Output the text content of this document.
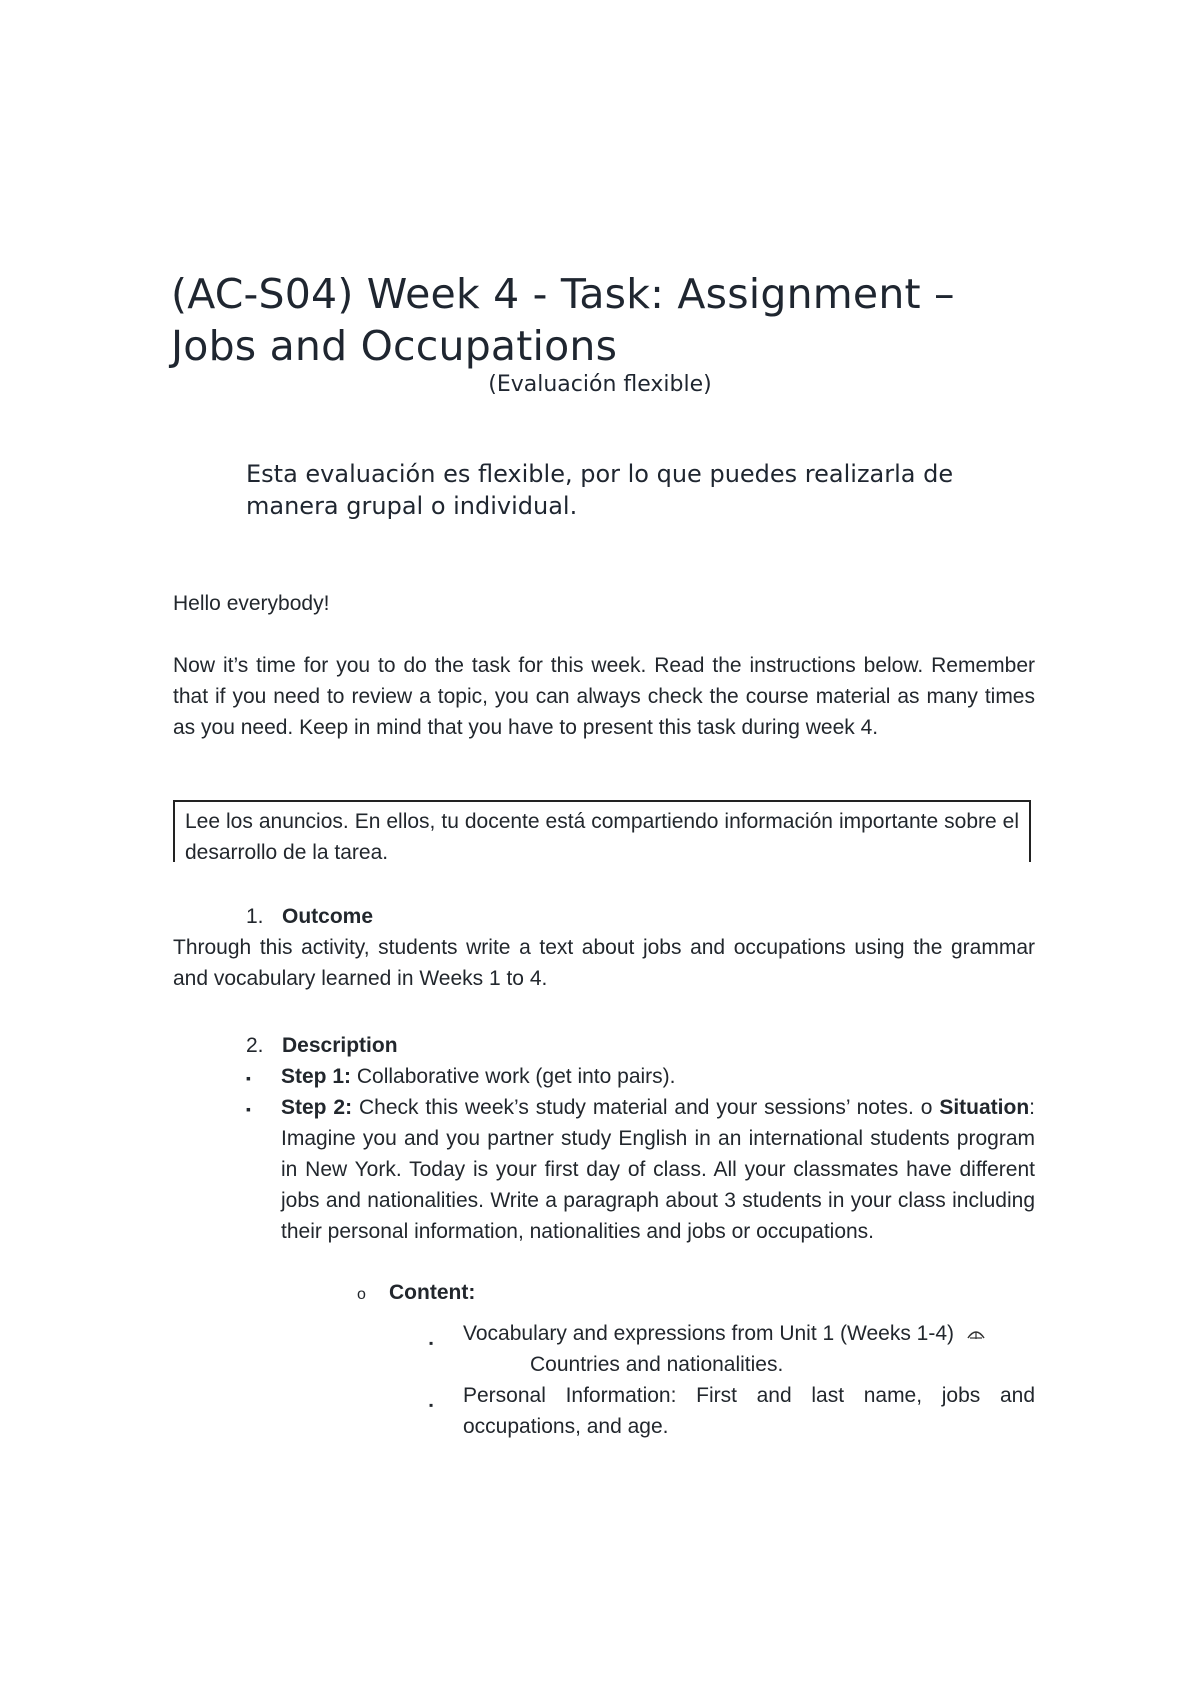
(AC-S04) Week 4 - Task: Assignment – Jobs and Occupations
(Evaluación flexible)

Esta evaluación es flexible, por lo que puedes realizarla de manera grupal o individual.

Hello everybody!

Now it’s time for you to do the task for this week. Read the instructions below. Remember that if you need to review a topic, you can always check the course material as many times as you need. Keep in mind that you have to present this task during week 4.

Lee los anuncios. En ellos, tu docente está compartiendo información importante sobre el desarrollo de la tarea.
1. Outcome

Through this activity, students write a text about jobs and occupations using the grammar and vocabulary learned in Weeks 1 to 4.

2. Description
▪ Step 1: Collaborative work (get into pairs).

▪ Step 2: Check this week’s study material and your sessions’ notes. o Situation: Imagine you and you partner study English in an international students program in New York. Today is your first day of class. All your classmates have different jobs and nationalities. Write a paragraph about 3 students in your class including their personal information, nationalities and jobs or occupations.

o Content:
▪ Vocabulary and expressions from Unit 1 (Weeks 1-4)

Countries and nationalities.
▪ Personal Information: First and last name, jobs and occupations, and age.
